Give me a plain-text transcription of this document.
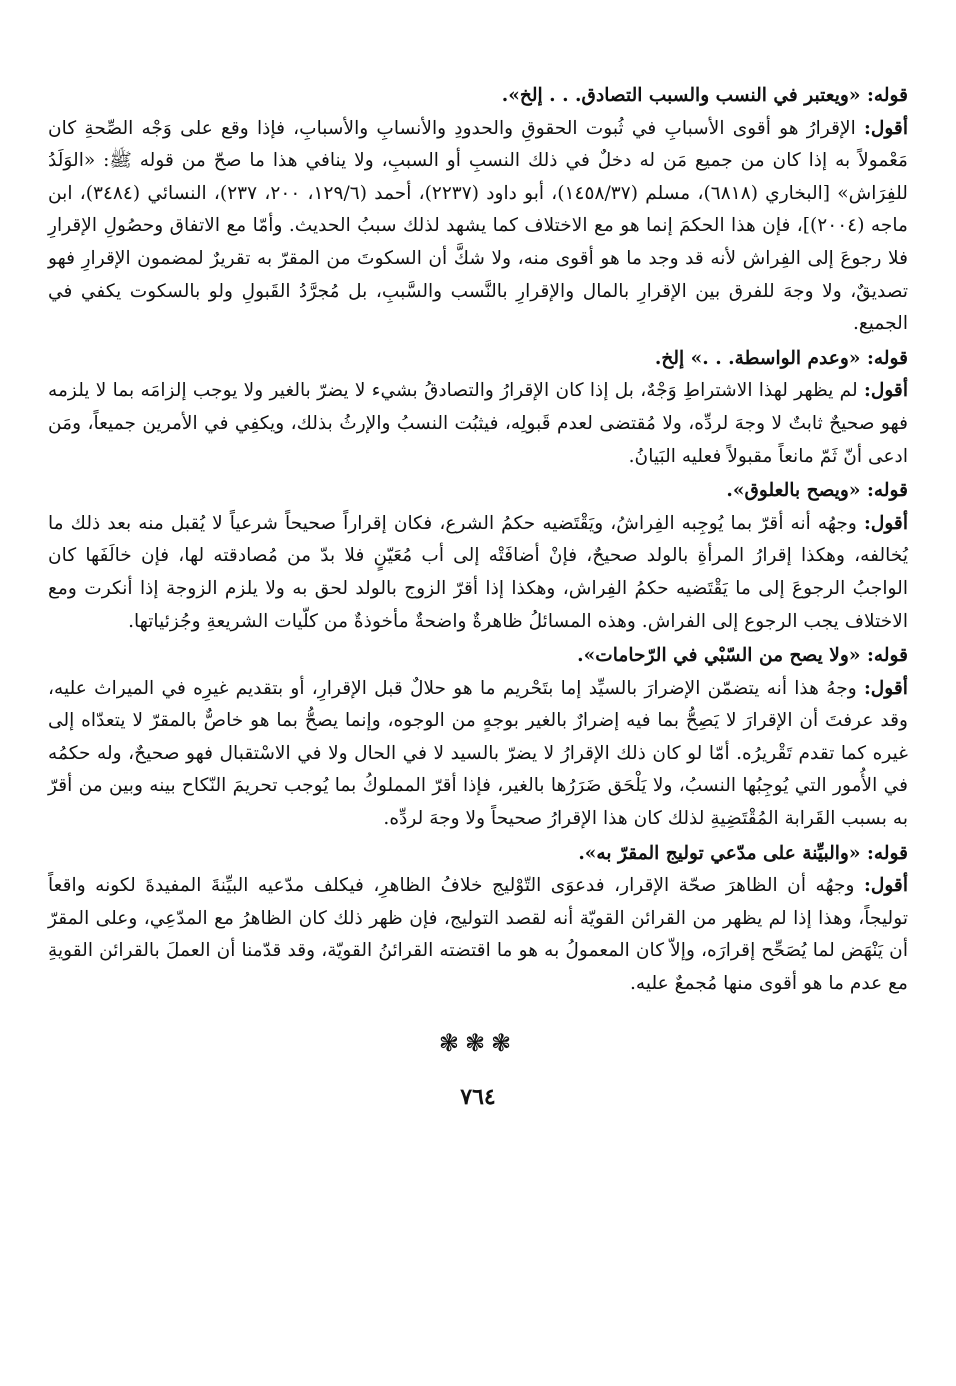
قوله: «ويعتبر في النسب والسبب التصادق. . . إلخ».

أقول: الإقرارُ هو أقوى الأسبابِ في ثُبوت الحقوقِ والحدودِ والأنسابِ والأسبابِ، فإذا وقع على وَجْه الصِّحةِ كان مَعْمولاً به إذا كان من جميع مَن له دخلٌ في ذلك النسبِ أو السببِ، ولا ينافي هذا ما صحّ من قوله ﷺ: «الوَلَدُ للفِرَاش» [البخاري (٦٨١٨)، مسلم (١٤٥٨/٣٧)، أبو داود (٢٢٣٧)، أحمد (١٢٩/٦، ٢٠٠، ٢٣٧)، النسائي (٣٤٨٤)، ابن ماجه (٢٠٠٤)]، فإن هذا الحكمَ إنما هو مع الاختلاف كما يشهد لذلك سببُ الحديث. وأمّا مع الاتفاق وحصُولِ الإقرارِ فلا رجوعَ إلى الفِراش لأنه قد وجد ما هو أقوى منه، ولا شكَّ أن السكوتَ من المقرّ به تقريرٌ لمضمون الإقرارِ فهو تصديقٌ، ولا وجهَ للفرق بين الإقرارِ بالمال والإقرارِ بالنَّسب والسَّببِ، بل مُجرَّدُ القَبولِ ولو بالسكوت يكفي في الجميع.

قوله: «وعدم الواسطة. . .» إلخ.

أقول: لم يظهر لهذا الاشتراطِ وَجْهٌ، بل إذا كان الإقرارُ والتصادقُ بشيء لا يضرّ بالغير ولا يوجب إلزامَه بما لا يلزمه فهو صحيحٌ ثابتٌ لا وجهَ لردِّه، ولا مُقتضى لعدم قَبولِه، فيثبُت النسبُ والإرثُ بذلك، ويكفِي في الأمرين جميعاً، ومَن ادعى أنّ ثَمّ مانعاً مقبولاً فعليه البَيانُ.

قوله: «ويصح بالعلوق».

أقول: وجهُه أنه أقرّ بما يُوجِبه الفِراشُ، ويَقْتَضيه حكمُ الشرع، فكان إقراراً صحيحاً شرعياً لا يُقبل منه بعد ذلك ما يُخالفه، وهكذا إقرارُ المرأةِ بالولد صحيحٌ، فإنْ أضافَتْه إلى أب مُعَيّنٍ فلا بدّ من مُصادقته لها، فإن خالَفَها كان الواجبُ الرجوعَ إلى ما يَقْتَضيه حكمُ الفِراش، وهكذا إذا أقرّ الزوج بالولد لحق به ولا يلزم الزوجة إذا أنكرت ومع الاختلاف يجب الرجوع إلى الفراش. وهذه المسائلُ ظاهرةٌ واضحةٌ مأخوذةٌ من كلّيات الشريعةِ وجُزئياتها.

قوله: «ولا يصح من السّبْي في الرّحامات».

أقول: وجهُ هذا أنه يتضمّن الإضرارَ بالسيِّد إما بتَحْريم ما هو حلالٌ قبل الإقرارِ، أو بتقديم غيرِه في الميراث عليه، وقد عرفتَ أن الإقرارَ لا يَصِحُّ بما فيه إضرارٌ بالغير بوجهٍ من الوجوه، وإنما يصحُّ بما هو خاصٌّ بالمقرّ لا يتعدّاه إلى غيره كما تقدم تَقْريرُه. أمّا لو كان ذلك الإقرارُ لا يضرّ بالسيد لا في الحال ولا في الاسْتقبال فهو صحيحٌ، وله حكمُه في الأُمور التي يُوجِبُها النسبُ، ولا يَلْحَق ضَرَرُها بالغير، فإذا أقرّ المملوكُ بما يُوجب تحريمَ النّكاح بينه وبين من أقرّ به بسبب القَرابة المُقْتَضِيةِ لذلك كان هذا الإقرارُ صحيحاً ولا وجهَ لردِّه.

قوله: «والبيِّنة على مدّعي توليج المقرّ به».

أقول: وجهُه أن الظاهرَ صحّة الإقرار، فدعوَى التّوْليج خلافُ الظاهرِ، فيكلف مدّعيه البيِّنةَ المفيدةَ لكونه واقعاً توليجاً، وهذا إذا لم يظهر من القرائن القويّة أنه لقصد التوليج، فإن ظهر ذلك كان الظاهرُ مع المدّعِي، وعلى المقرّ أن يَنْهَض لما يُصَحِّح إقرارَه، وإلاّ كان المعمولُ به هو ما اقتضته القرائنُ القويّة، وقد قدّمنا أن العملَ بالقرائن القويةِ مع عدم ما هو أقوى منها مُجمعٌ عليه.

❃❃❃
٧٦٤
